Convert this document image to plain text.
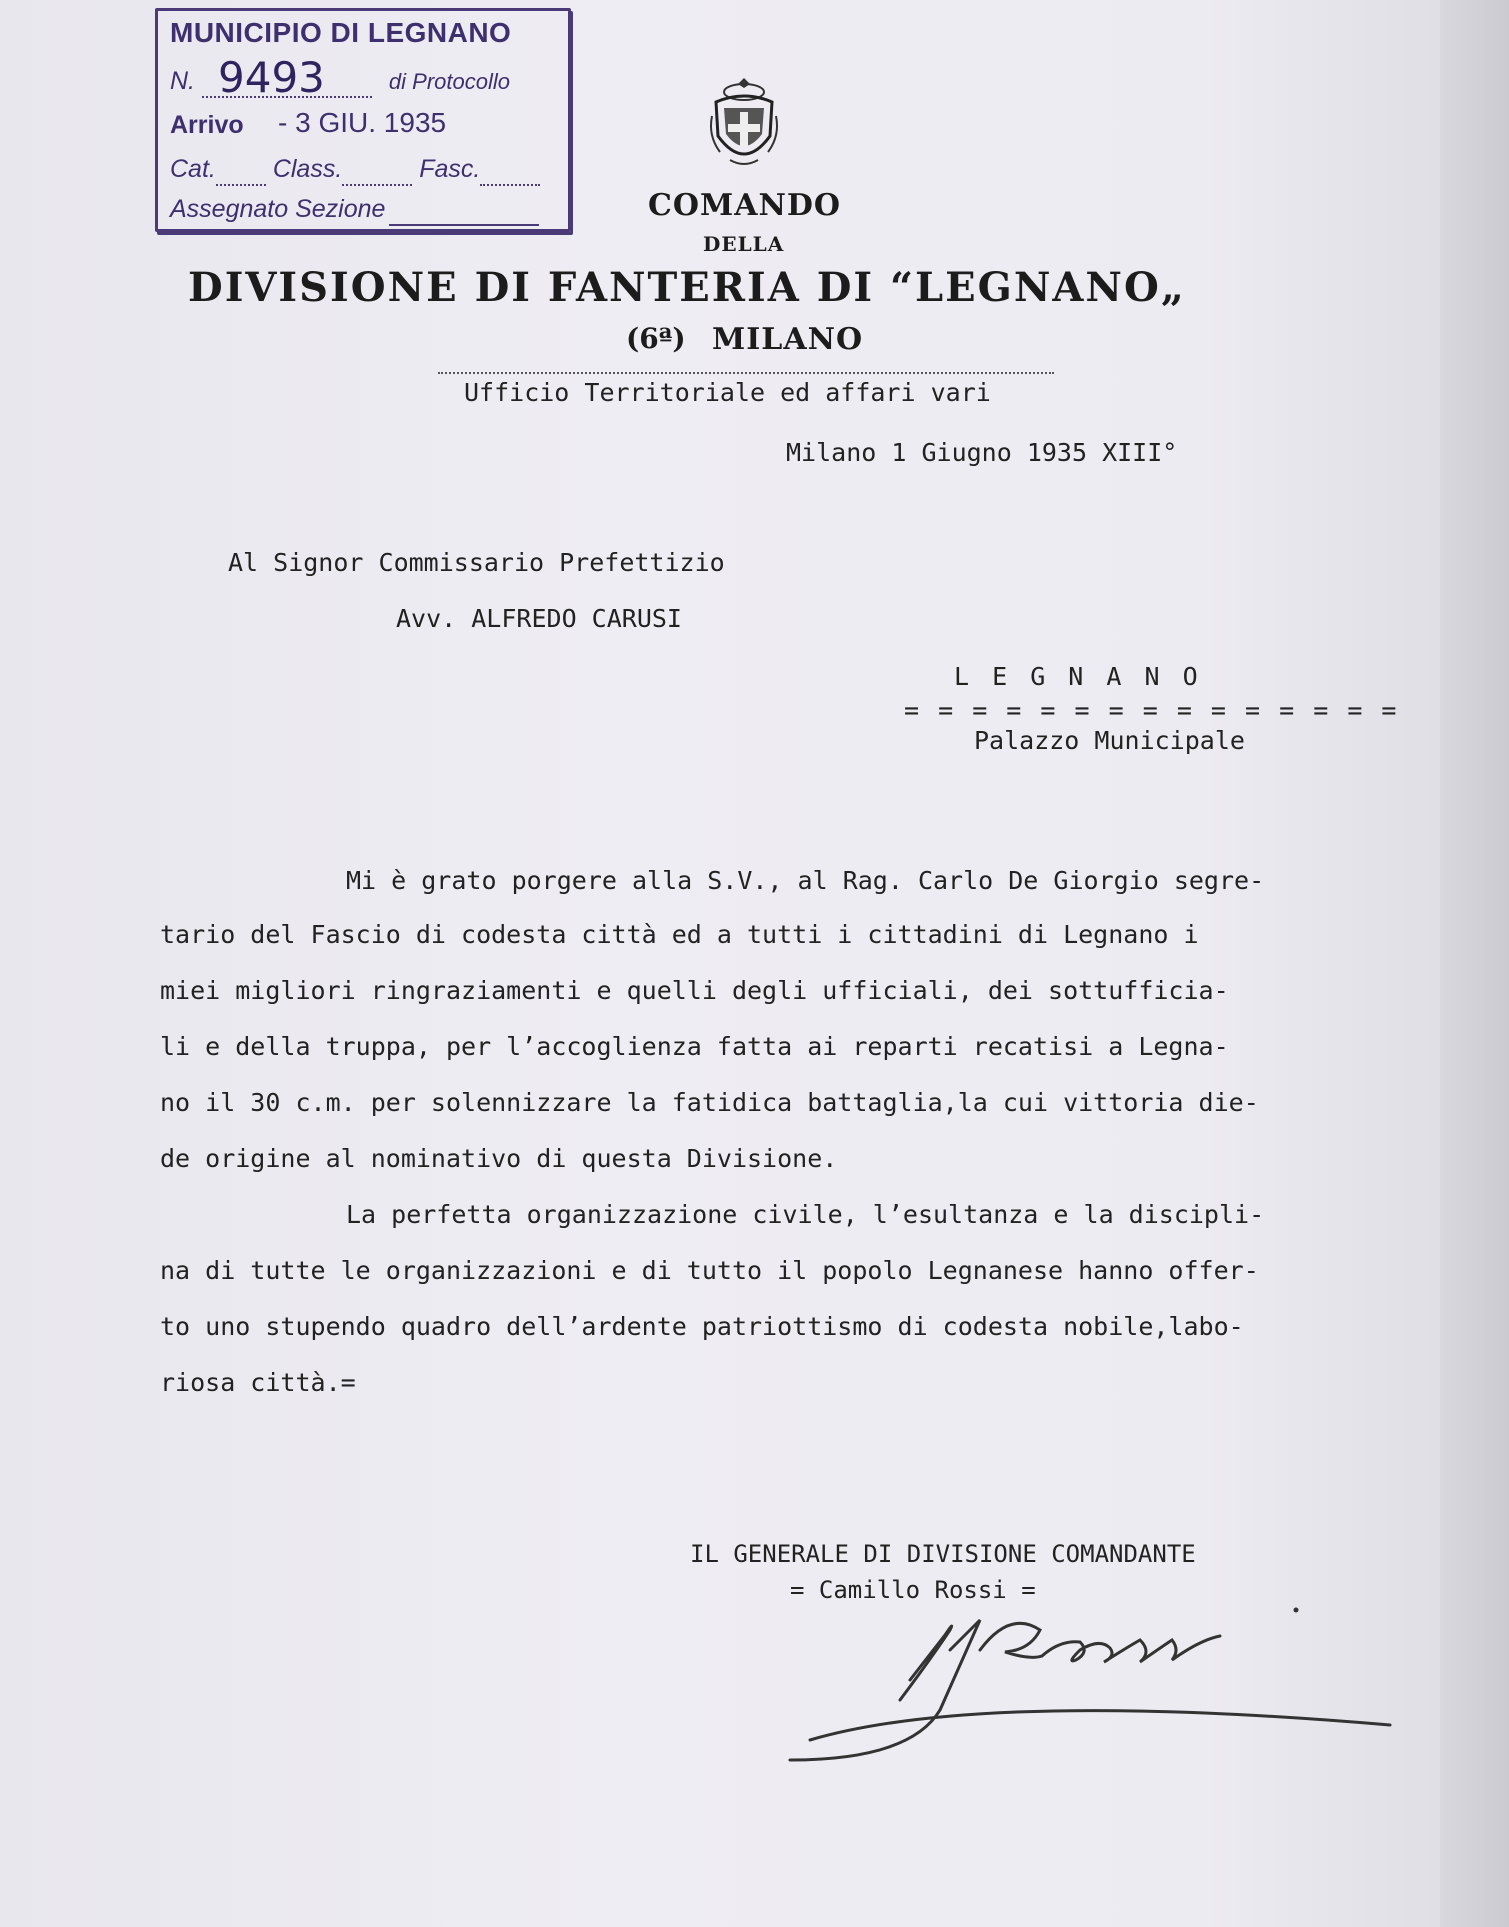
MUNICIPIO DI LEGNANO
N.	di Protocollo
9493
Arrivo - 3 GIU. 1935
Cat. Class.	Fasc.
Assegnato Sezione	COMANDO
DELLA
DIVISIONE DI FANTERIA DI “LEGNANO„
(6ª) MILANO
Ufficio Territoriale ed affari vari
Milano 1 Giugno 1935 XIII°
Al Signor Commissario Prefettizio
Avv. ALFREDO CARUSI
L E G N A N O
= = = = = = = = = = = = = = =
Palazzo Municipale
Mi è grato porgere alla S.V., al Rag. Carlo De Giorgio segre-
tario del Fascio di codesta città ed a tutti i cittadini di Legnano i
miei migliori ringraziamenti e quelli degli ufficiali, dei sottufficia-
li e della truppa, per l’accoglienza fatta ai reparti recatisi a Legna-
no il 30 c.m. per solennizzare la fatidica battaglia,la cui vittoria die-
de origine al nominativo di questa Divisione.
La perfetta organizzazione civile, l’esultanza e la discipli-
na di tutte le organizzazioni e di tutto il popolo Legnanese hanno offer-
to uno stupendo quadro dell’ardente patriottismo di codesta nobile,labo-
riosa città.=
IL GENERALE DI DIVISIONE COMANDANTE
= Camillo Rossi =
